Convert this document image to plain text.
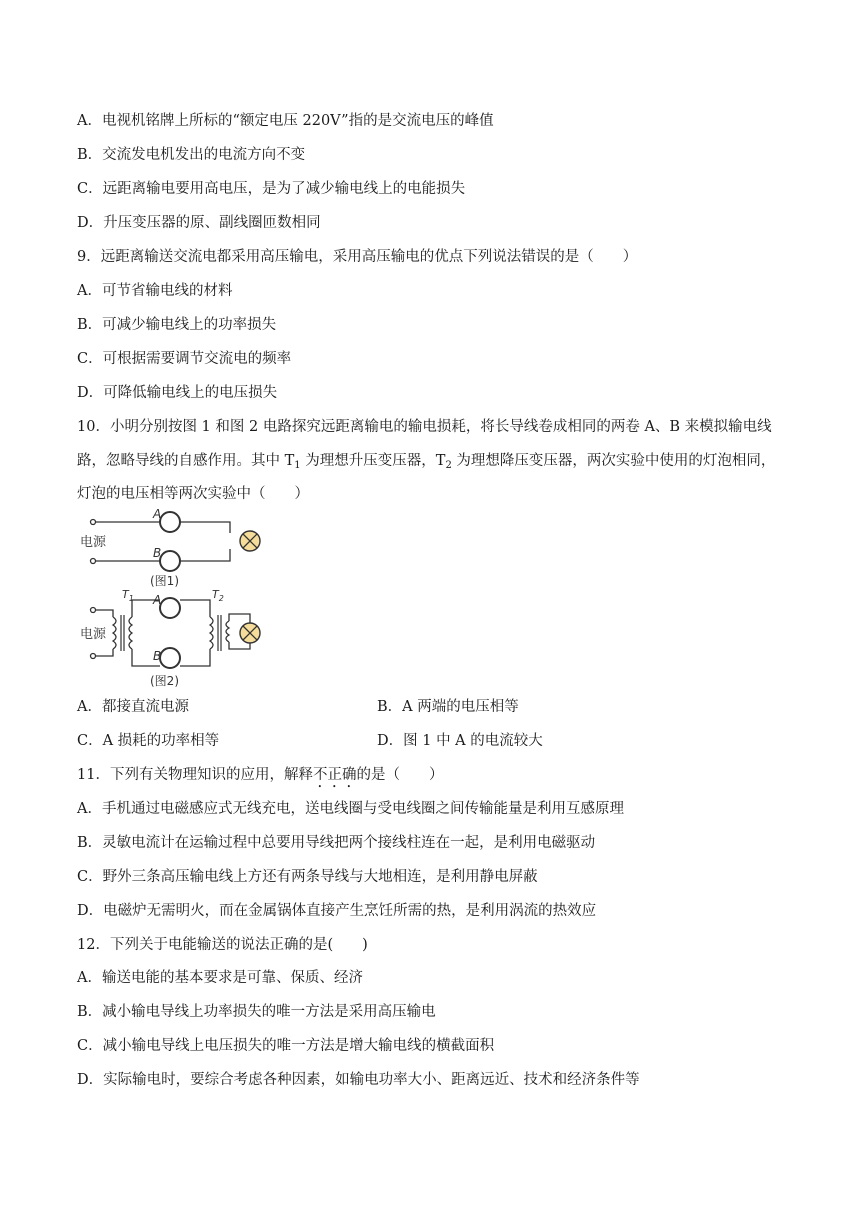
A．电视机铭牌上所标的“额定电压 220V”指的是交流电压的峰值
B．交流发电机发出的电流方向不变
C．远距离输电要用高电压，是为了减少输电线上的电能损失
D．升压变压器的原、副线圈匝数相同
9．远距离输送交流电都采用高压输电，采用高压输电的优点下列说法错误的是（　　）
A．可节省输电线的材料
B．可减少输电线上的功率损失
C．可根据需要调节交流电的频率
D．可降低输电线上的电压损失
10．小明分别按图 1 和图 2 电路探究远距离输电的输电损耗，将长导线卷成相同的两卷 A、B 来模拟输电线
路，忽略导线的自感作用。其中 $T_1$ 为理想升压变压器，$T_2$ 为理想降压变压器，两次实验中使用的灯泡相同，
灯泡的电压相等两次实验中（　　）
A
B
电源
(图1)
$T_1$	$T_2$
A
B
电源
(图2)
A．都接直流电源	B．A 两端的电压相等
C．A 损耗的功率相等	D．图 1 中 A 的电流较大
11．下列有关物理知识的应用，解释不正确的是（　　）
A．手机通过电磁感应式无线充电，送电线圈与受电线圈之间传输能量是利用互感原理
B．灵敏电流计在运输过程中总要用导线把两个接线柱连在一起，是利用电磁驱动
C．野外三条高压输电线上方还有两条导线与大地相连，是利用静电屏蔽
D．电磁炉无需明火，而在金属锅体直接产生烹饪所需的热，是利用涡流的热效应
12．下列关于电能输送的说法正确的是(　　)
A．输送电能的基本要求是可靠、保质、经济
B．减小输电导线上功率损失的唯一方法是采用高压输电
C．减小输电导线上电压损失的唯一方法是增大输电线的横截面积
D．实际输电时，要综合考虑各种因素，如输电功率大小、距离远近、技术和经济条件等
